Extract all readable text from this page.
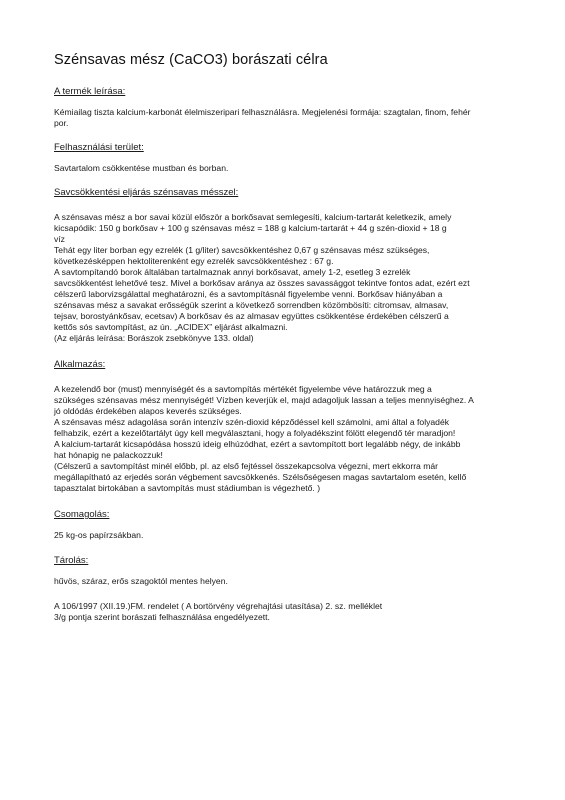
Szénsavas mész (CaCO3) borászati célra
A termék leírása:
Kémiailag tiszta kalcium-karbonát élelmiszeripari felhasználásra. Megjelenési formája: szagtalan, finom, fehér
por.
Felhasználási terület:
Savtartalom csökkentése mustban és borban.
Savcsökkentési eljárás szénsavas mésszel:
A szénsavas mész a bor savai közül először a borkősavat semlegesíti, kalcium-tartarát keletkezik, amely
kicsapódik: 150 g borkősav + 100 g szénsavas mész = 188 g kalcium-tartarát + 44 g szén-dioxid + 18 g
víz
Tehát egy liter borban egy ezrelék (1 g/liter) savcsökkentéshez 0,67 g szénsavas mész szükséges,
következésképpen hektoliterenként egy ezrelék savcsökkentéshez : 67 g.
A savtompítandó borok általában tartalmaznak annyi borkősavat, amely 1-2, esetleg 3 ezrelék
savcsökkentést lehetővé tesz. Mivel a borkősav aránya az összes savassággot tekintve fontos adat, ezért ezt
célszerű laborvizsgálattal meghatározni, és a savtompításnál figyelembe venni. Borkősav hiányában a
szénsavas mész a savakat erősségük szerint a következő sorrendben közömbösíti: citromsav, almasav,
tejsav, borostyánkősav, ecetsav) A borkősav és az almasav együttes csökkentése érdekében célszerű a
kettős sós savtompítást, az ún. „ACIDEX” eljárást alkalmazni.
(Az eljárás leírása: Borászok zsebkönyve 133. oldal)
Alkalmazás:
A kezelendő bor (must) mennyiségét és a savtompítás mértékét figyelembe véve határozzuk meg a
szükséges szénsavas mész mennyiségét! Vízben keverjük el, majd adagoljuk lassan a teljes mennyiséghez. A
jó oldódás érdekében alapos keverés szükséges.
A szénsavas mész adagolása során intenzív szén-dioxid képződéssel kell számolni, ami által a folyadék
felhabzik, ezért a kezelőtartályt úgy kell megválasztani, hogy a folyadékszint fölött elegendő tér maradjon!
A kalcium-tartarát kicsapódása hosszú ideig elhúzódhat, ezért a savtompított bort legalább négy, de inkább
hat hónapig ne palackozzuk!
(Célszerű a savtompítást minél előbb, pl. az első fejtéssel összekapcsolva végezni, mert ekkorra már
megállapítható az erjedés során végbement savcsökkenés. Szélsőségesen magas savtartalom esetén, kellő
tapasztalat birtokában a savtompítás must stádiumban is végezhető. )
Csomagolás:
25 kg-os papírzsákban.
Tárolás:
hűvös, száraz, erős szagoktól mentes helyen.
A 106/1997 (XII.19.)FM. rendelet ( A bortörvény végrehajtási utasítása) 2. sz. melléklet
3/g pontja szerint borászati felhasználása engedélyezett.
